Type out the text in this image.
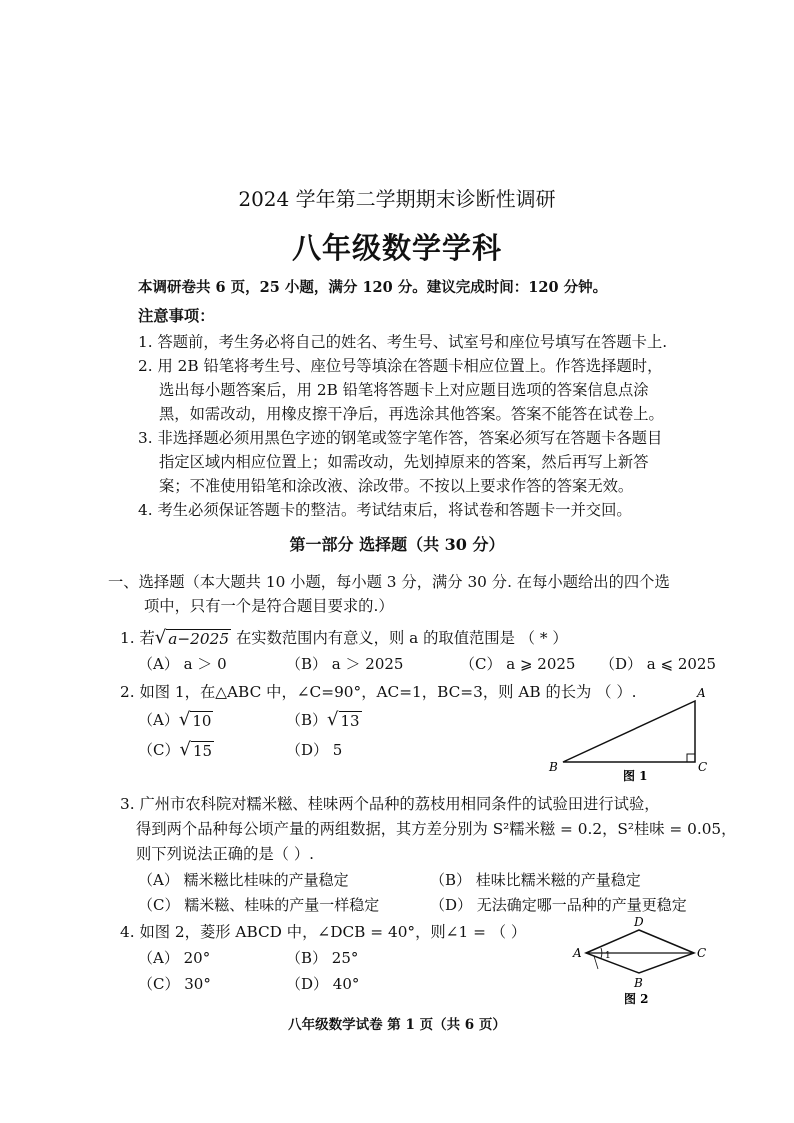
2024 学年第二学期期末诊断性调研
八年级数学学科
本调研卷共 6 页，25 小题，满分 120 分。建议完成时间：120 分钟。
注意事项：
1. 答题前，考生务必将自己的姓名、考生号、试室号和座位号填写在答题卡上.
2. 用 2B 铅笔将考生号、座位号等填涂在答题卡相应位置上。作答选择题时，
选出每小题答案后，用 2B 铅笔将答题卡上对应题目选项的答案信息点涂
黑，如需改动，用橡皮擦干净后，再选涂其他答案。答案不能答在试卷上。
3. 非选择题必须用黑色字迹的钢笔或签字笔作答，答案必须写在答题卡各题目
指定区域内相应位置上；如需改动，先划掉原来的答案，然后再写上新答
案；不准使用铅笔和涂改液、涂改带。不按以上要求作答的答案无效。
4. 考生必须保证答题卡的整洁。考试结束后，将试卷和答题卡一并交回。
第一部分 选择题（共 30 分）
一、选择题（本大题共 10 小题，每小题 3 分，满分 30 分. 在每小题给出的四个选
项中，只有一个是符合题目要求的.）
1. 若 √ a−2025 在实数范围内有意义，则 a 的取值范围是 （ * ）
（A） a ＞ 0	（B） a ＞ 2025	（C） a ⩾ 2025 （D） a ⩽ 2025
2. 如图 1，在△ABC 中，∠C=90°，AC=1，BC=3，则 AB 的长为 （ ）.
（A） √ 10	（B） √ 13
（C） √ 15	（D） 5
A
B	C
图 1
3. 广州市农科院对糯米糍、桂味两个品种的荔枝用相同条件的试验田进行试验，
得到两个品种每公顷产量的两组数据，其方差分别为 S²糯米糍 = 0.2，S²桂味 = 0.05，
则下列说法正确的是（ ）.
（A） 糯米糍比桂味的产量稳定	（B） 桂味比糯米糍的产量稳定
（C） 糯米糍、桂味的产量一样稳定	（D） 无法确定哪一品种的产量更稳定
4. 如图 2，菱形 ABCD 中，∠DCB = 40°，则∠1 = （ ）
（A） 20°	（B） 25°
（C） 30°	（D） 40°
D
A	C
B
1
图 2
八年级数学试卷 第 1 页（共 6 页）
